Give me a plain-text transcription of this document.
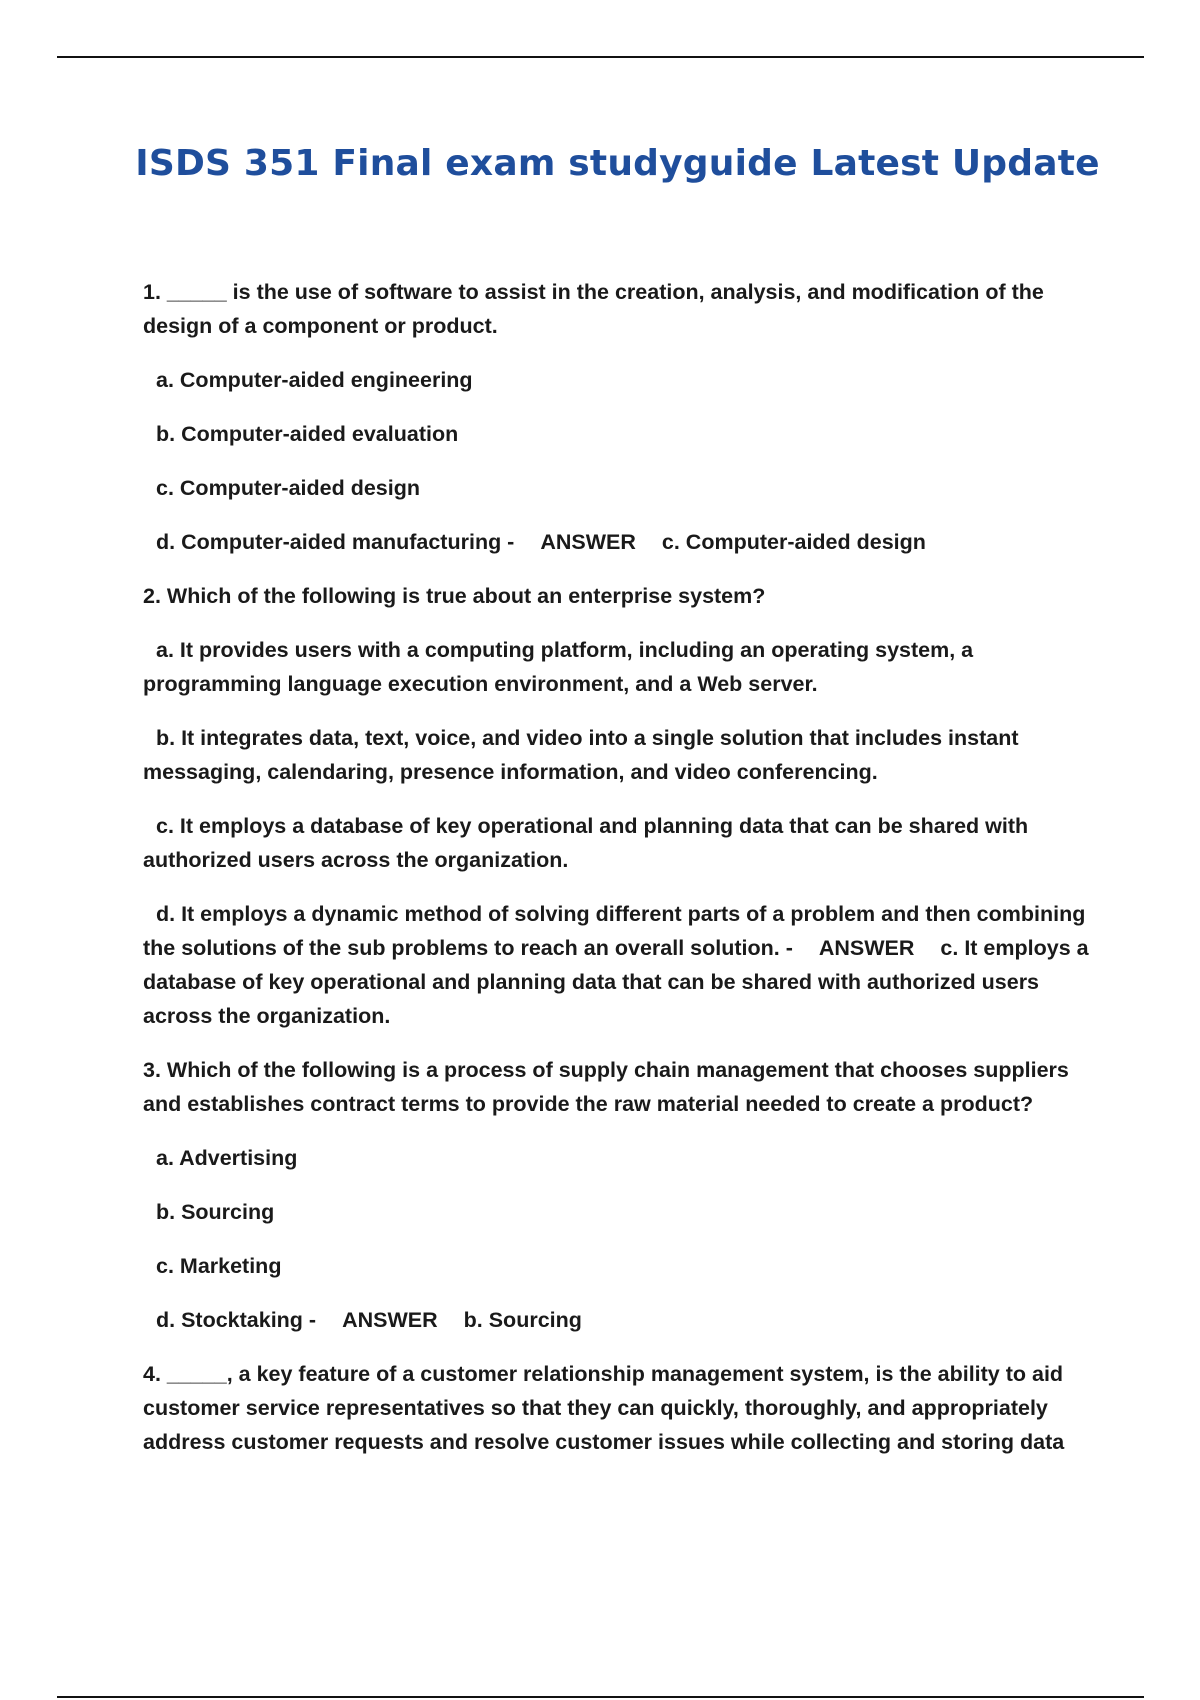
ISDS 351 Final exam studyguide Latest Update

1. _____ is the use of software to assist in the creation, analysis, and modification of the design of a component or product.

a. Computer-aided engineering

b. Computer-aided evaluation

c. Computer-aided design

d. Computer-aided manufacturing - ANSWER c. Computer-aided design

2. Which of the following is true about an enterprise system?

a. It provides users with a computing platform, including an operating system, a programming language execution environment, and a Web server.

b. It integrates data, text, voice, and video into a single solution that includes instant messaging, calendaring, presence information, and video conferencing.

c. It employs a database of key operational and planning data that can be shared with authorized users across the organization.

d. It employs a dynamic method of solving different parts of a problem and then combining the solutions of the sub problems to reach an overall solution. - ANSWER c. It employs a database of key operational and planning data that can be shared with authorized users across the organization.

3. Which of the following is a process of supply chain management that chooses suppliers and establishes contract terms to provide the raw material needed to create a product?

a. Advertising

b. Sourcing

c. Marketing

d. Stocktaking - ANSWER b. Sourcing

4. _____, a key feature of a customer relationship management system, is the ability to aid customer service representatives so that they can quickly, thoroughly, and appropriately address customer requests and resolve customer issues while collecting and storing data
